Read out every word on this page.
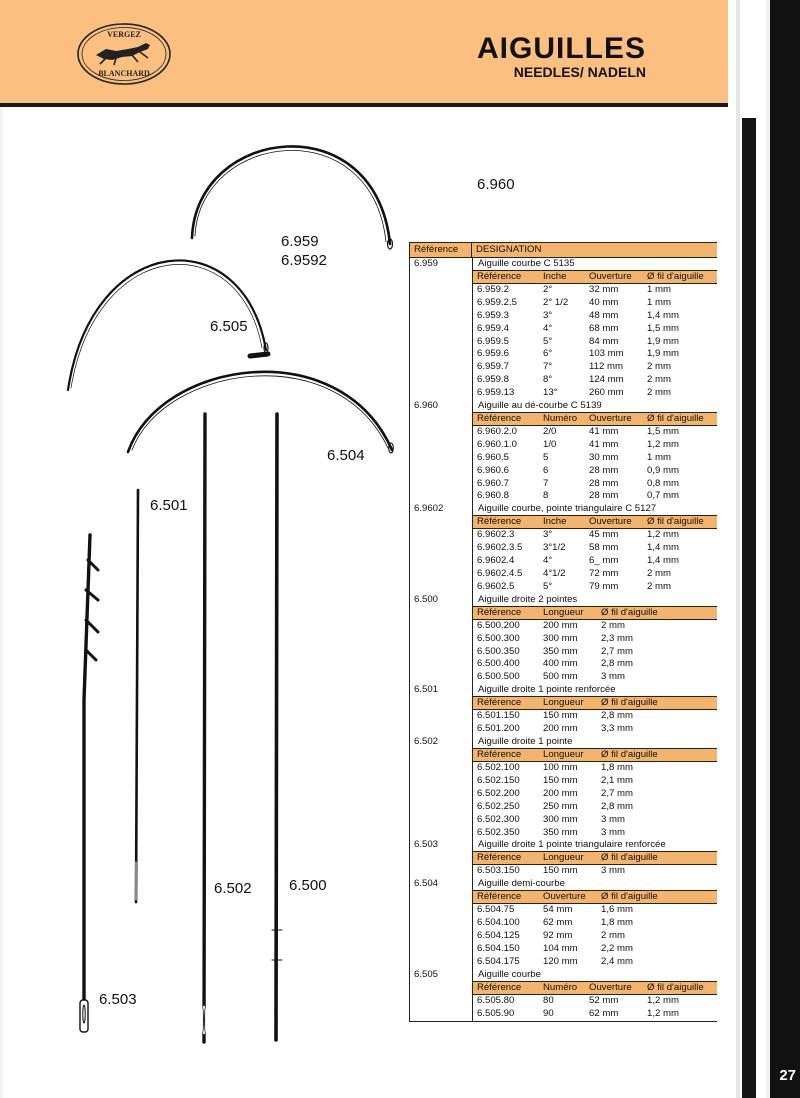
VERGEZ
BLANCHARD
AIGUILLES
NEEDLES/ NADELN
6.959
6.9592
6.960
6.505
6.504
6.501
6.502 6.500
6.503
Référence	DESIGNATION
6.959	Aiguille courbe C 5135
Référence	Inche	Ouverture	Ø fil d'aiguille
6.959.2	2°	32 mm	1 mm
6.959.2.5	2° 1/2	40 mm	1 mm
6.959.3	3°	48 mm	1,4 mm
6.959.4	4°	68 mm	1,5 mm
6.959.5	5°	84 mm	1,9 mm
6.959.6	6°	103 mm	1,9 mm
6.959.7	7°	112 mm	2 mm
6.959.8	8°	124 mm	2 mm
6.959.13	13°	260 mm	2 mm
6.960	Aiguille au dé-courbe C 5139
Référence	Numéro	Ouverture	Ø fil d'aiguille
6.960.2.0	2/0	41 mm	1,5 mm
6.960.1.0	1/0	41 mm	1,2 mm
6.960.5	5	30 mm	1 mm
6.960.6	6	28 mm	0,9 mm
6.960.7	7	28 mm	0,8 mm
6.960.8	8	28 mm	0,7 mm
6.9602	Aiguille courbe, pointe triangulaire C 5127
Référence	Inche	Ouverture	Ø fil d'aiguille
6.9602.3	3°	45 mm	1,2 mm
6.9602.3.5	3°1/2	58 mm	1,4 mm
6.9602.4	4°	6_ mm	1,4 mm
6.9602.4.5	4°1/2	72 mm	2 mm
6.9602.5	5°	79 mm	2 mm
6.500	Aiguille droite 2 pointes
Référence	Longueur	Ø fil d'aiguille
6.500.200	200 mm	2 mm
6.500.300	300 mm	2,3 mm
6.500.350	350 mm	2,7 mm
6.500.400	400 mm	2,8 mm
6.500.500	500 mm	3 mm
6.501	Aiguille droite 1 pointe renforcée
Référence	Longueur	Ø fil d'aiguille
6.501.150	150 mm	2,8 mm
6.501.200	200 mm	3,3 mm
6.502	Aiguille droite 1 pointe
Référence	Longueur	Ø fil d'aiguille
6.502.100	100 mm	1,8 mm
6.502.150	150 mm	2,1 mm
6.502.200	200 mm	2,7 mm
6.502.250	250 mm	2,8 mm
6.502.300	300 mm	3 mm
6.502.350	350 mm	3 mm
6.503	Aiguille droite 1 pointe triangulaire renforcée
Référence	Longueur	Ø fil d'aiguille
6.503.150	150 mm	3 mm
6.504	Aiguille demi-courbe
Référence	Ouverture	Ø fil d'aiguille
6.504.75	54 mm	1,6 mm
6.504.100	62 mm	1,8 mm
6.504.125	92 mm	2 mm
6.504.150	104 mm	2,2 mm
6.504.175	120 mm	2,4 mm
6.505	Aiguille courbe
Référence	Numéro	Ouverture	Ø fil d'aiguille
6.505.80	80	52 mm	1,2 mm
6.505.90	90	62 mm	1,2 mm
27
